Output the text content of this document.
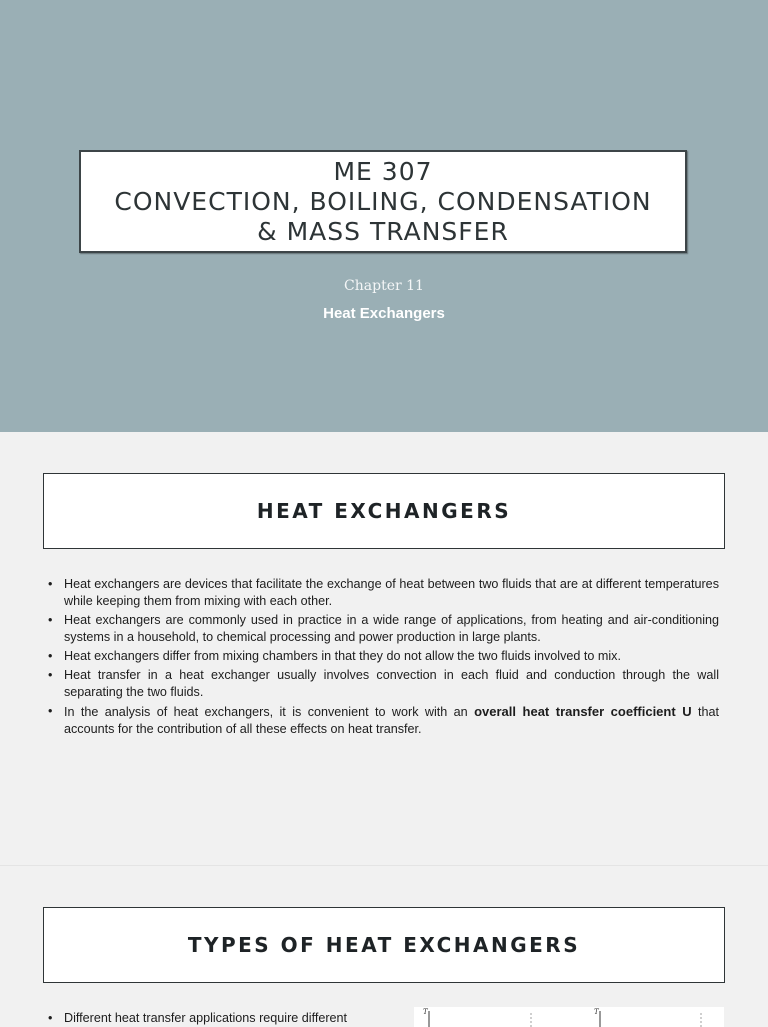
ME 307
CONVECTION, BOILING, CONDENSATION
& MASS TRANSFER
Chapter 11
Heat Exchangers
HEAT EXCHANGERS
• Heat exchangers are devices that facilitate the exchange of heat between two fluids that are at different temperatures while keeping them from mixing with each other.
• Heat exchangers are commonly used in practice in a wide range of applications, from heating and air-conditioning systems in a household, to chemical processing and power production in large plants.
• Heat exchangers differ from mixing chambers in that they do not allow the two fluids involved to mix.
• Heat transfer in a heat exchanger usually involves convection in each fluid and conduction through the wall separating the two fluids.
• In the analysis of heat exchangers, it is convenient to work with an overall heat transfer coefficient U that accounts for the contribution of all these effects on heat transfer.
TYPES OF HEAT EXCHANGERS
• Different heat transfer applications require different	T	T
